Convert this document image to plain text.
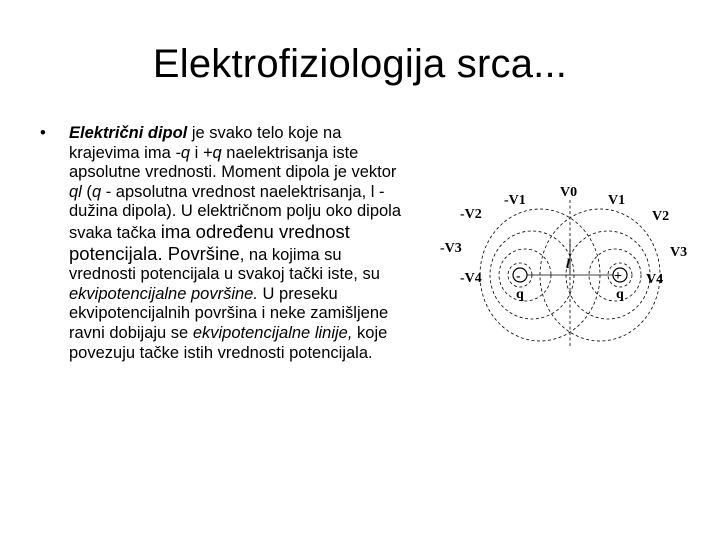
Elektrofiziologija srca...
•	Električni dipol je svako telo koje na krajevima ima -q i +q naelektrisanja iste apsolutne vrednosti. Moment dipola je vektor ql (q - apsolutna vrednost naelektrisanja, l - dužina dipola). U električnom polju oko dipola svaka tačka ima određenu vrednost potencijala. Površine, na kojima su vrednosti potencijala u svakoj tački iste, su ekvipotencijalne površine. U preseku ekvipotencijalnih površina i neke zamišljene ravni dobijaju se ekvipotencijalne linije, koje povezuju tačke istih vrednosti potencijala.
-	+
q	q
l
V0
V1
V2
V3
V4
-V1
-V2
-V3
-V4
